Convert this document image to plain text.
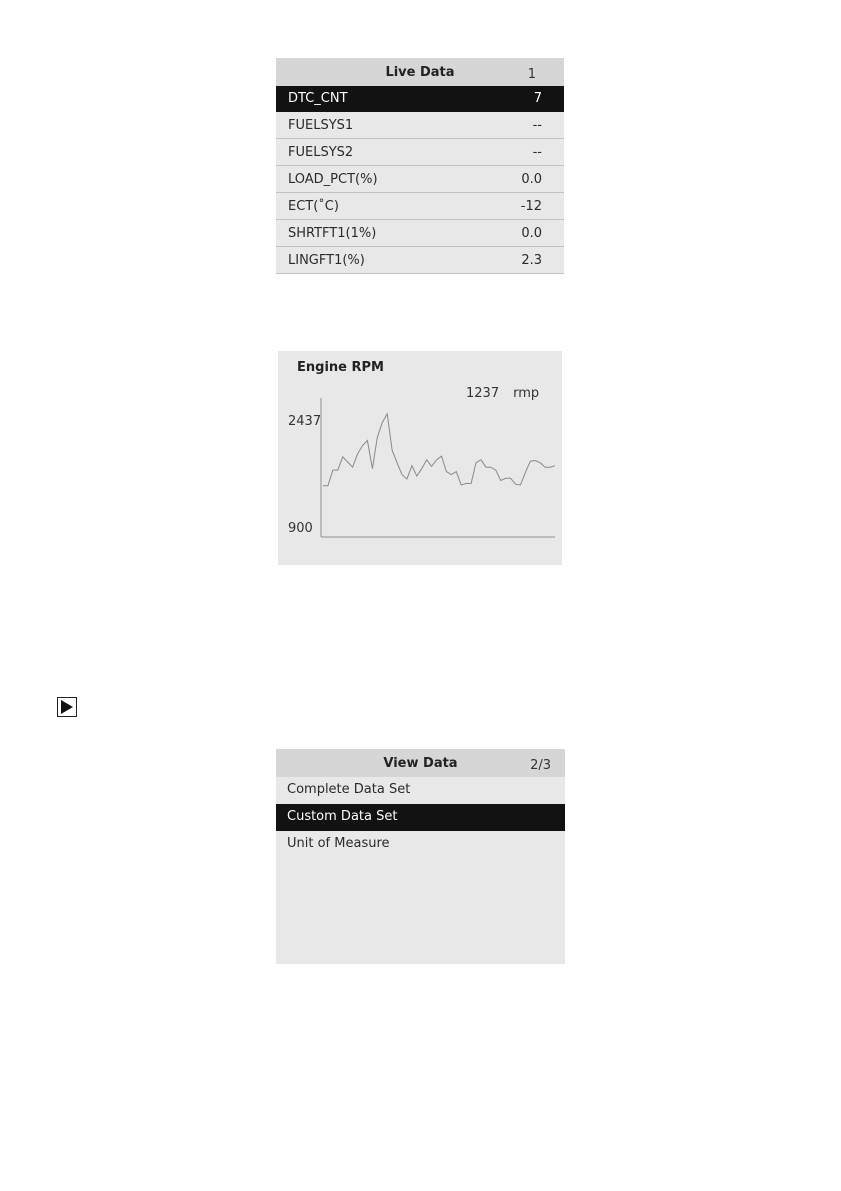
Live Data	1
DTC_CNT	7
FUELSYS1	--
FUELSYS2	--
LOAD_PCT(%)	0.0
ECT(˚C)	-12
SHRTFT1(1%)	0.0
LINGFT1(%)	2.3
Engine RPM
1237 rmp
2437
900
View Data	2/3
Complete Data Set
Custom Data Set
Unit of Measure
